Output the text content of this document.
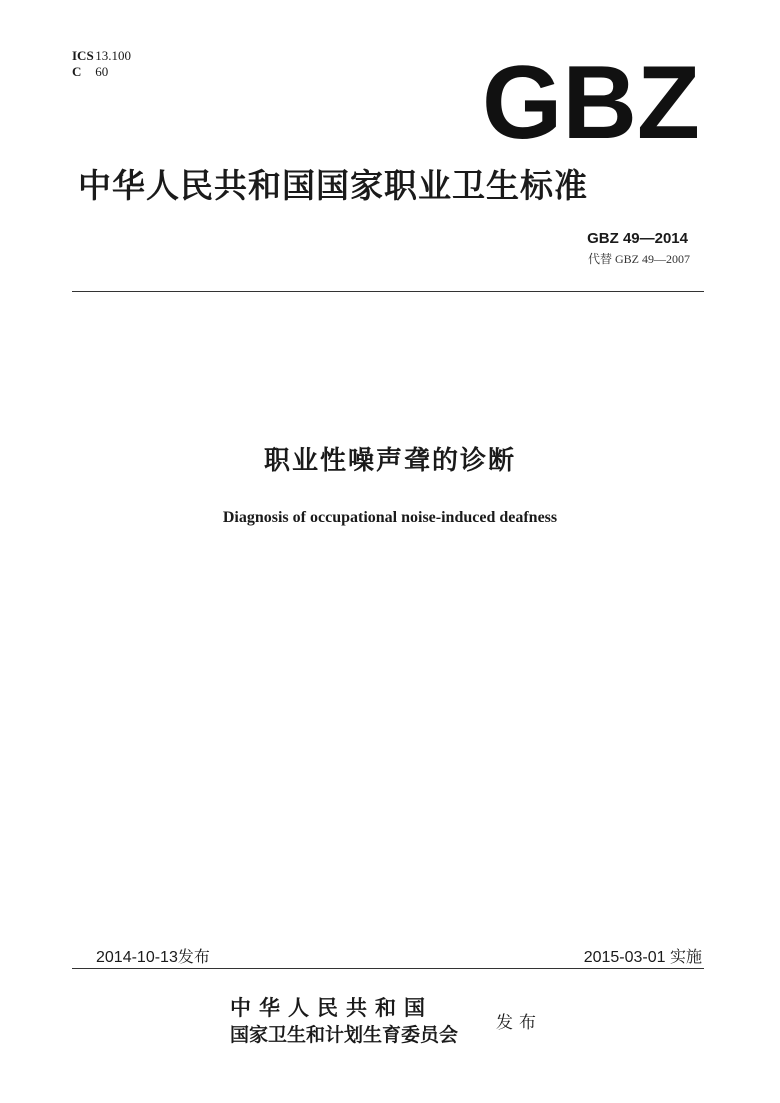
ICS 13.100
C 60	GBZ
中华人民共和国国家职业卫生标准
GBZ 49—2014
代替 GBZ 49—2007
职业性噪声聋的诊断
Diagnosis of occupational noise-induced deafness
2014-10-13发布	2015-03-01 实施
中华人民共和国
国家卫生和计划生育委员会
发布
